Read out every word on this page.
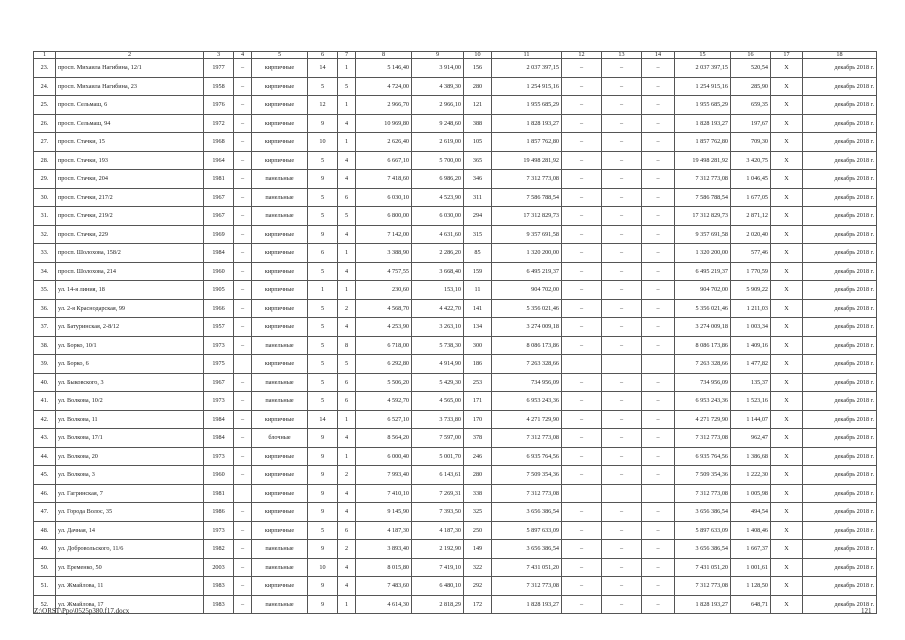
1	2	3	4	5	6	7	8	9	10	11	12	13	14	15	16	17	18
23.	просп. Михаила Нагибина, 12/1	1977	–	кирпичные	14	1	5 146,40	3 914,00	156	2 037 397,15	–	–	–	2 037 397,15	520,54	Х	декабрь 2018 г.
24.	просп. Михаила Нагибина, 23	1958	–	кирпичные	5	5	4 724,00	4 389,30	280	1 254 915,16	–	–	–	1 254 915,16	285,90	Х	декабрь 2018 г.
25.	просп. Сельмаш, 6	1976	–	кирпичные	12	1	2 966,70	2 966,10	121	1 955 685,29	–	–	–	1 955 685,29	659,35	Х	декабрь 2018 г.
26.	просп. Сельмаш, 94	1972	–	кирпичные	9	4	10 969,80	9 248,60	388	1 828 193,27	–	–	–	1 828 193,27	197,67	Х	декабрь 2018 г.
27.	просп. Стачки, 15	1968	–	кирпичные	10	1	2 626,40	2 619,00	105	1 857 762,80	–	–	–	1 857 762,80	709,30	Х	декабрь 2018 г.
28.	просп. Стачки, 193	1964	–	кирпичные	5	4	6 667,10	5 700,00	365	19 498 281,92	–	–	–	19 498 281,92	3 420,75	Х	декабрь 2018 г.
29.	просп. Стачки, 204	1981	–	панельные	9	4	7 418,60	6 986,20	346	7 312 773,08	–	–	–	7 312 773,08	1 046,45	Х	декабрь 2018 г.
30.	просп. Стачки, 217/2	1967	–	панельные	5	6	6 030,10	4 523,90	311	7 586 788,54	–	–	–	7 586 788,54	1 677,05	Х	декабрь 2018 г.
31.	просп. Стачки, 219/2	1967	–	панельные	5	5	6 800,00	6 030,00	294	17 312 829,73	–	–	–	17 312 829,73	2 871,12	Х	декабрь 2018 г.
32.	просп. Стачки, 229	1969	–	кирпичные	9	4	7 142,00	4 631,60	315	9 357 691,58	–	–	–	9 357 691,58	2 020,40	Х	декабрь 2018 г.
33.	просп. Шолохова, 158/2	1984	–	кирпичные	6	1	3 388,90	2 286,20	85	1 320 200,00	–	–	–	1 320 200,00	577,46	Х	декабрь 2018 г.
34.	просп. Шолохова, 214	1960	–	кирпичные	5	4	4 757,55	3 668,40	159	6 495 219,37	–	–	–	6 495 219,37	1 770,59	Х	декабрь 2018 г.
35.	ул. 14-я линия, 18	1905	–	кирпичные	1	1	230,60	153,10	11	904 702,00	–	–	–	904 702,00	5 909,22	Х	декабрь 2018 г.
36.	ул. 2-я Краснодарская, 99	1966	–	кирпичные	5	2	4 568,70	4 422,70	141	5 356 021,46	–	–	–	5 356 021,46	1 211,03	Х	декабрь 2018 г.
37.	ул. Батуринская, 2-8/12	1957	–	кирпичные	5	4	4 253,90	3 263,10	134	3 274 009,18	–	–	–	3 274 009,18	1 003,34	Х	декабрь 2018 г.
38.	ул. Борко, 10/1	1973	–	панельные	5	8	6 718,00	5 738,30	300	8 086 173,86	–	–	–	8 086 173,86	1 409,16	Х	декабрь 2018 г.
39.	ул. Борко, 6	1975		кирпичные	5	5	6 292,80	4 914,90	186	7 263 328,66				7 263 328,66	1 477,82	Х	декабрь 2018 г.
40.	ул. Быковского, 3	1967	–	панельные	5	6	5 506,20	5 429,30	253	734 956,09	–	–	–	734 956,09	135,37	Х	декабрь 2018 г.
41.	ул. Волкова, 10/2	1973	–	панельные	5	6	4 592,70	4 565,00	171	6 953 243,36	–	–	–	6 953 243,36	1 523,16	Х	декабрь 2018 г.
42.	ул. Волкова, 11	1984	–	кирпичные	14	1	6 527,10	3 733,80	170	4 271 729,90	–	–	–	4 271 729,90	1 144,07	Х	декабрь 2018 г.
43.	ул. Волкова, 17/1	1984	–	блочные	9	4	8 564,20	7 597,00	378	7 312 773,08	–	–	–	7 312 773,08	962,47	Х	декабрь 2018 г.
44.	ул. Волкова, 20	1973	–	кирпичные	9	1	6 000,40	5 001,70	246	6 935 764,56	–	–	–	6 935 764,56	1 386,68	Х	декабрь 2018 г.
45.	ул. Волкова, 3	1960	–	кирпичные	9	2	7 993,40	6 143,61	280	7 509 354,36	–	–	–	7 509 354,36	1 222,30	Х	декабрь 2018 г.
46.	ул. Гагринская, 7	1981		кирпичные	9	4	7 410,10	7 269,31	338	7 312 773,08				7 312 773,08	1 005,98	Х	декабрь 2018 г.
47.	ул. Города Волос, 35	1986	–	кирпичные	9	4	9 145,90	7 393,50	325	3 656 386,54	–	–	–	3 656 386,54	494,54	Х	декабрь 2018 г.
48.	ул. Дачная, 14	1973	–	кирпичные	5	6	4 187,30	4 187,30	250	5 897 633,09	–	–	–	5 897 633,09	1 408,46	Х	декабрь 2018 г.
49.	ул. Добровольского, 11/6	1982	–	панельные	9	2	3 893,40	2 192,90	149	3 656 386,54	–	–	–	3 656 386,54	1 667,37	Х	декабрь 2018 г.
50.	ул. Еременко, 50	2003	–	панельные	10	4	8 015,80	7 419,10	322	7 431 051,20	–	–	–	7 431 051,20	1 001,61	Х	декабрь 2018 г.
51.	ул. Жмайлова, 11	1983	–	кирпичные	9	4	7 483,60	6 480,10	292	7 312 773,08	–	–	–	7 312 773,08	1 128,50	Х	декабрь 2018 г.
52.	ул. Жмайлова, 17	1983	–	панельные	9	1	4 614,30	2 818,29	172	1 828 193,27	–	–	–	1 828 193,27	648,71	Х	декабрь 2018 г.
Z:\ORST\Ppo\0525p380.f17.docx	121
